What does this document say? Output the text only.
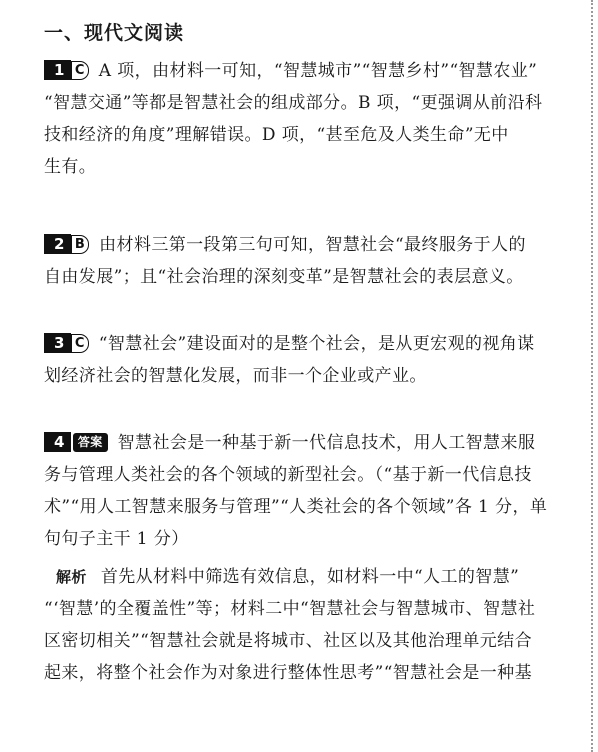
一、现代文阅读
1 C A 项，由材料一可知，“智慧城市”“智慧乡村”“智慧农业”
“智慧交通”等都是智慧社会的组成部分。B 项，“更强调从前沿科
技和经济的角度”理解错误。D 项，“甚至危及人类生命”无中
生有。
2 B 由材料三第一段第三句可知，智慧社会“最终服务于人的
自由发展”；且“社会治理的深刻变革”是智慧社会的表层意义。
3 C “智慧社会”建设面对的是整个社会，是从更宏观的视角谋
划经济社会的智慧化发展，而非一个企业或产业。
4	答案 智慧社会是一种基于新一代信息技术，用人工智慧来服
务与管理人类社会的各个领域的新型社会。（“基于新一代信息技
术”“用人工智慧来服务与管理”“人类社会的各个领域”各 1 分，单
句句子主干 1 分）
解析 首先从材料中筛选有效信息，如材料一中“人工的智慧”
“‘智慧’的全覆盖性”等；材料二中“智慧社会与智慧城市、智慧社
区密切相关”“智慧社会就是将城市、社区以及其他治理单元结合
起来，将整个社会作为对象进行整体性思考”“智慧社会是一种基
